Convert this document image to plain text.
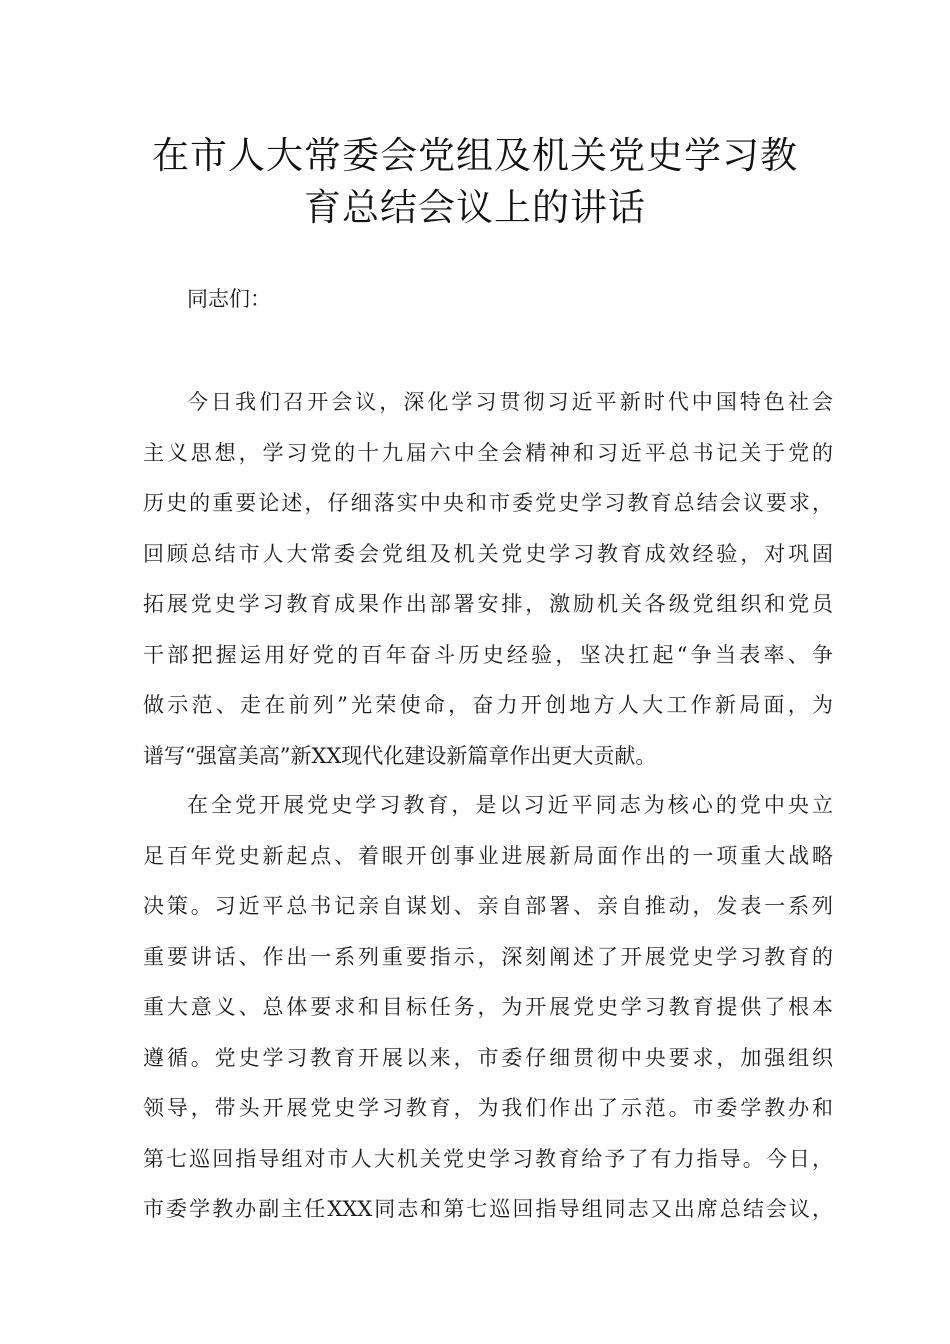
在市人大常委会党组及机关党史学习教
育总结会议上的讲话

同志们：

今日我们召开会议，深化学习贯彻习近平新时代中国特色社会
主义思想，学习党的十九届六中全会精神和习近平总书记关于党的
历史的重要论述，仔细落实中央和市委党史学习教育总结会议要求，
回顾总结市人大常委会党组及机关党史学习教育成效经验，对巩固
拓展党史学习教育成果作出部署安排，激励机关各级党组织和党员
干部把握运用好党的百年奋斗历史经验，坚决扛起“争当表率、争
做示范、走在前列”光荣使命，奋力开创地方人大工作新局面，为
谱写“强富美高”新XX现代化建设新篇章作出更大贡献。

在全党开展党史学习教育，是以习近平同志为核心的党中央立
足百年党史新起点、着眼开创事业进展新局面作出的一项重大战略
决策。习近平总书记亲自谋划、亲自部署、亲自推动，发表一系列
重要讲话、作出一系列重要指示，深刻阐述了开展党史学习教育的
重大意义、总体要求和目标任务，为开展党史学习教育提供了根本
遵循。党史学习教育开展以来，市委仔细贯彻中央要求，加强组织
领导，带头开展党史学习教育，为我们作出了示范。市委学教办和
第七巡回指导组对市人大机关党史学习教育给予了有力指导。今日，
市委学教办副主任XXX同志和第七巡回指导组同志又出席总结会议，
